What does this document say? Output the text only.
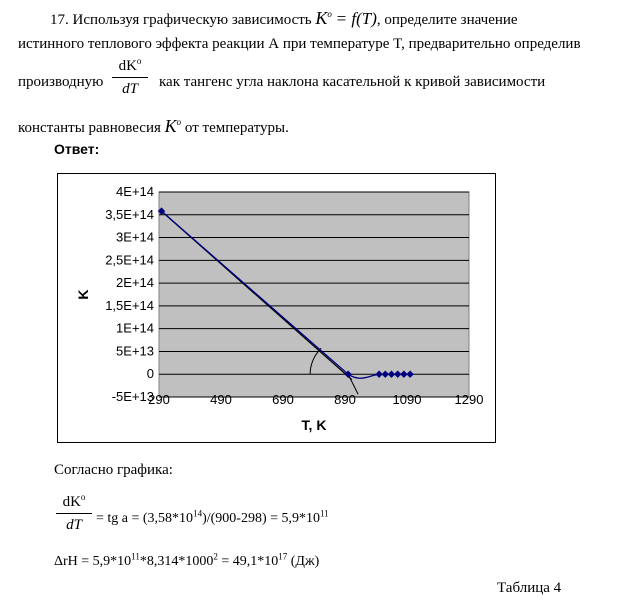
17. Используя графическую зависимость $K^o = f(T)$, определите значение
истинного теплового эффекта реакции А при температуре T, предварительно определив
производную
$dK^o$
dT	как тангенс угла наклона касательной к кривой зависимости
константы равновесия $K^o$ от температуры.
Ответ:
4E+14
3,5E+14
3E+14
2,5E+14
2E+14
1,5E+14
1E+14
5E+13
0
-5E+13
290	490	690	890	1090	1290
T, K
K
Согласно графика:
$dK^o$
dT	= tg $a = (3,58*10^{14})/(900-298) = 5,9*10^{11}$
$\Delta rH = 5,9*10^{11}*8,314*1000^2 = 49,1*10^{17}$ (Дж)
Таблица 4
